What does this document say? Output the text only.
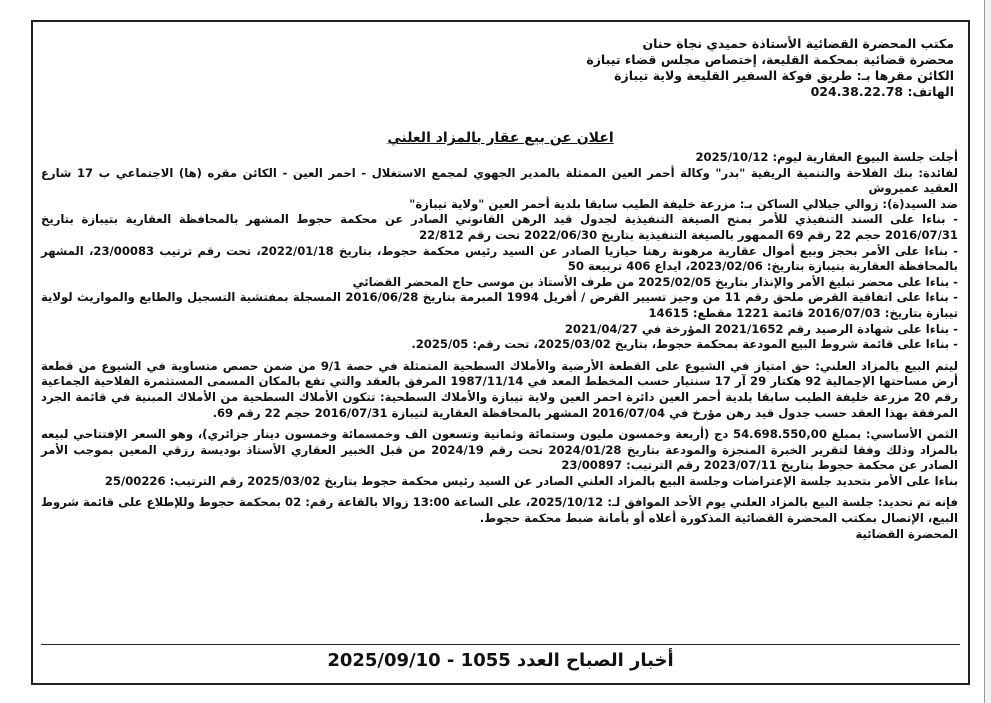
مكتب المحضرة القضائية الأستاذة حميدي نجاة حنان
محضرة قضائية بمحكمة القليعة، إختصاص مجلس قضاء تيبازة
الكائن مقرها بـ: طريق فوكة السفير القليعة ولاية تيبازة
الهاتف: 024.38.22.78
اعلان عن بيع عقار بالمزاد العلني

أجلت جلسة البيوع العقارية ليوم: 2025/10/12

لفائدة: بنك الفلاحة والتنمية الريفية "بدر" وكالة أحمر العين الممثلة بالمدير الجهوي لمجمع الاستغلال - احمر العين - الكائن مقره (ها) الاجتماعي ب 17 شارع العقيد عميروش

ضد السيد(ة): زوالي جيلالي الساكن بـ: مزرعة خليفة الطيب سابقا بلدية أحمر العين "ولاية تيبازة"

- بناءا على السند التنفيذي للأمر بمنح الصيغة التنفيذية لجدول قيد الرهن القانوني الصادر عن محكمة حجوط المشهر بالمحافظة العقارية بتيبازة بتاريخ 2016/07/31 حجم 22 رقم 69 الممهور بالصيغة التنفيذية بتاريخ 2022/06/30 تحت رقم 22/812

- بناءا على الأمر بحجز وبيع أموال عقارية مرهونة رهنا حيازيا الصادر عن السيد رئيس محكمة حجوط، بتاريخ 2022/01/18، تحت رقم ترتيب 23/00083، المشهر بالمحافظة العقارية بتيبازة بتاريخ: 2023/02/06، ايداع 406 تربيعة 50

- بناءا على محضر تبليغ الأمر والإنذار بتاريخ 2025/02/05 من طرف الأستاذ بن موسى حاج المحضر القضائي

- بناءا على اتفاقية القرض ملحق رقم 11 من وجيز تسيير القرض / أفريل 1994 المبرمة بتاريخ 2016/06/28 المسجلة بمفتشية التسجيل والطابع والمواريث لولاية تيبازة بتاريخ: 2016/07/03 قائمة 1221 مقطع: 14615

- بناءا على شهادة الرصيد رقم 2021/1652 المؤرخة في 2021/04/27

- بناءا على قائمة شروط البيع المودعة بمحكمة حجوط، بتاريخ 2025/03/02، تحت رقم: 2025/05.

ليتم البيع بالمزاد العلني: حق امتياز في الشيوع على القطعة الأرضية والأملاك السطحية المتمثلة في حصة 9/1 من ضمن حصص متساوية في الشيوع من قطعة أرض مساحتها الإجمالية 92 هكتار 29 آر 17 سنتيار حسب المخطط المعد في 1987/11/14 المرفق بالعقد والتي تقع بالمكان المسمى المستثمرة الفلاحية الجماعية رقم 20 مزرعة خليفة الطيب سابقا بلدية أحمر العين دائرة احمر العين ولاية تيبازة والأملاك السطحية: تتكون الأملاك السطحية من الأملاك المبنية في قائمة الجرد المرفقة بهذا العقد حسب جدول قيد رهن مؤرخ في 2016/07/04 المشهر بالمحافظة العقارية لتيبازة 2016/07/31 حجم 22 رقم 69.

الثمن الأساسي: بمبلغ 54.698.550,00 دج (أربعة وخمسون مليون وستمائة وثمانية وتسعون الف وخمسمائة وخمسون دينار جزائري)، وهو السعر الإفتتاحي لبيعه بالمزاد وذلك وفقا لتقرير الخبرة المنجزة والمودعة بتاريخ 2024/01/28 تحت رقم 2024/19 من قبل الخبير العقاري الأستاذ بوديسة رزقي المعين بموجب الأمر الصادر عن محكمة حجوط بتاريخ 2023/07/11 رقم الترتيب: 23/00897

بناءا على الأمر بتحديد جلسة الإعتراضات وجلسة البيع بالمزاد العلني الصادر عن السيد رئيس محكمة حجوط بتاريخ 2025/03/02 رقم الترتيب: 25/00226

فإنه تم تحديد: جلسة البيع بالمزاد العلني يوم الأحد الموافق لـ: 2025/10/12، على الساعة 13:00 زوالا بالقاعة رقم: 02 بمحكمة حجوط وللإطلاع على قائمة شروط البيع، الإتصال بمكتب المحضرة القضائية المذكورة أعلاه أو بأمانة ضبط محكمة حجوط.

المحضرة القضائية

أخبار الصباح العدد 1055 - 2025/09/10
